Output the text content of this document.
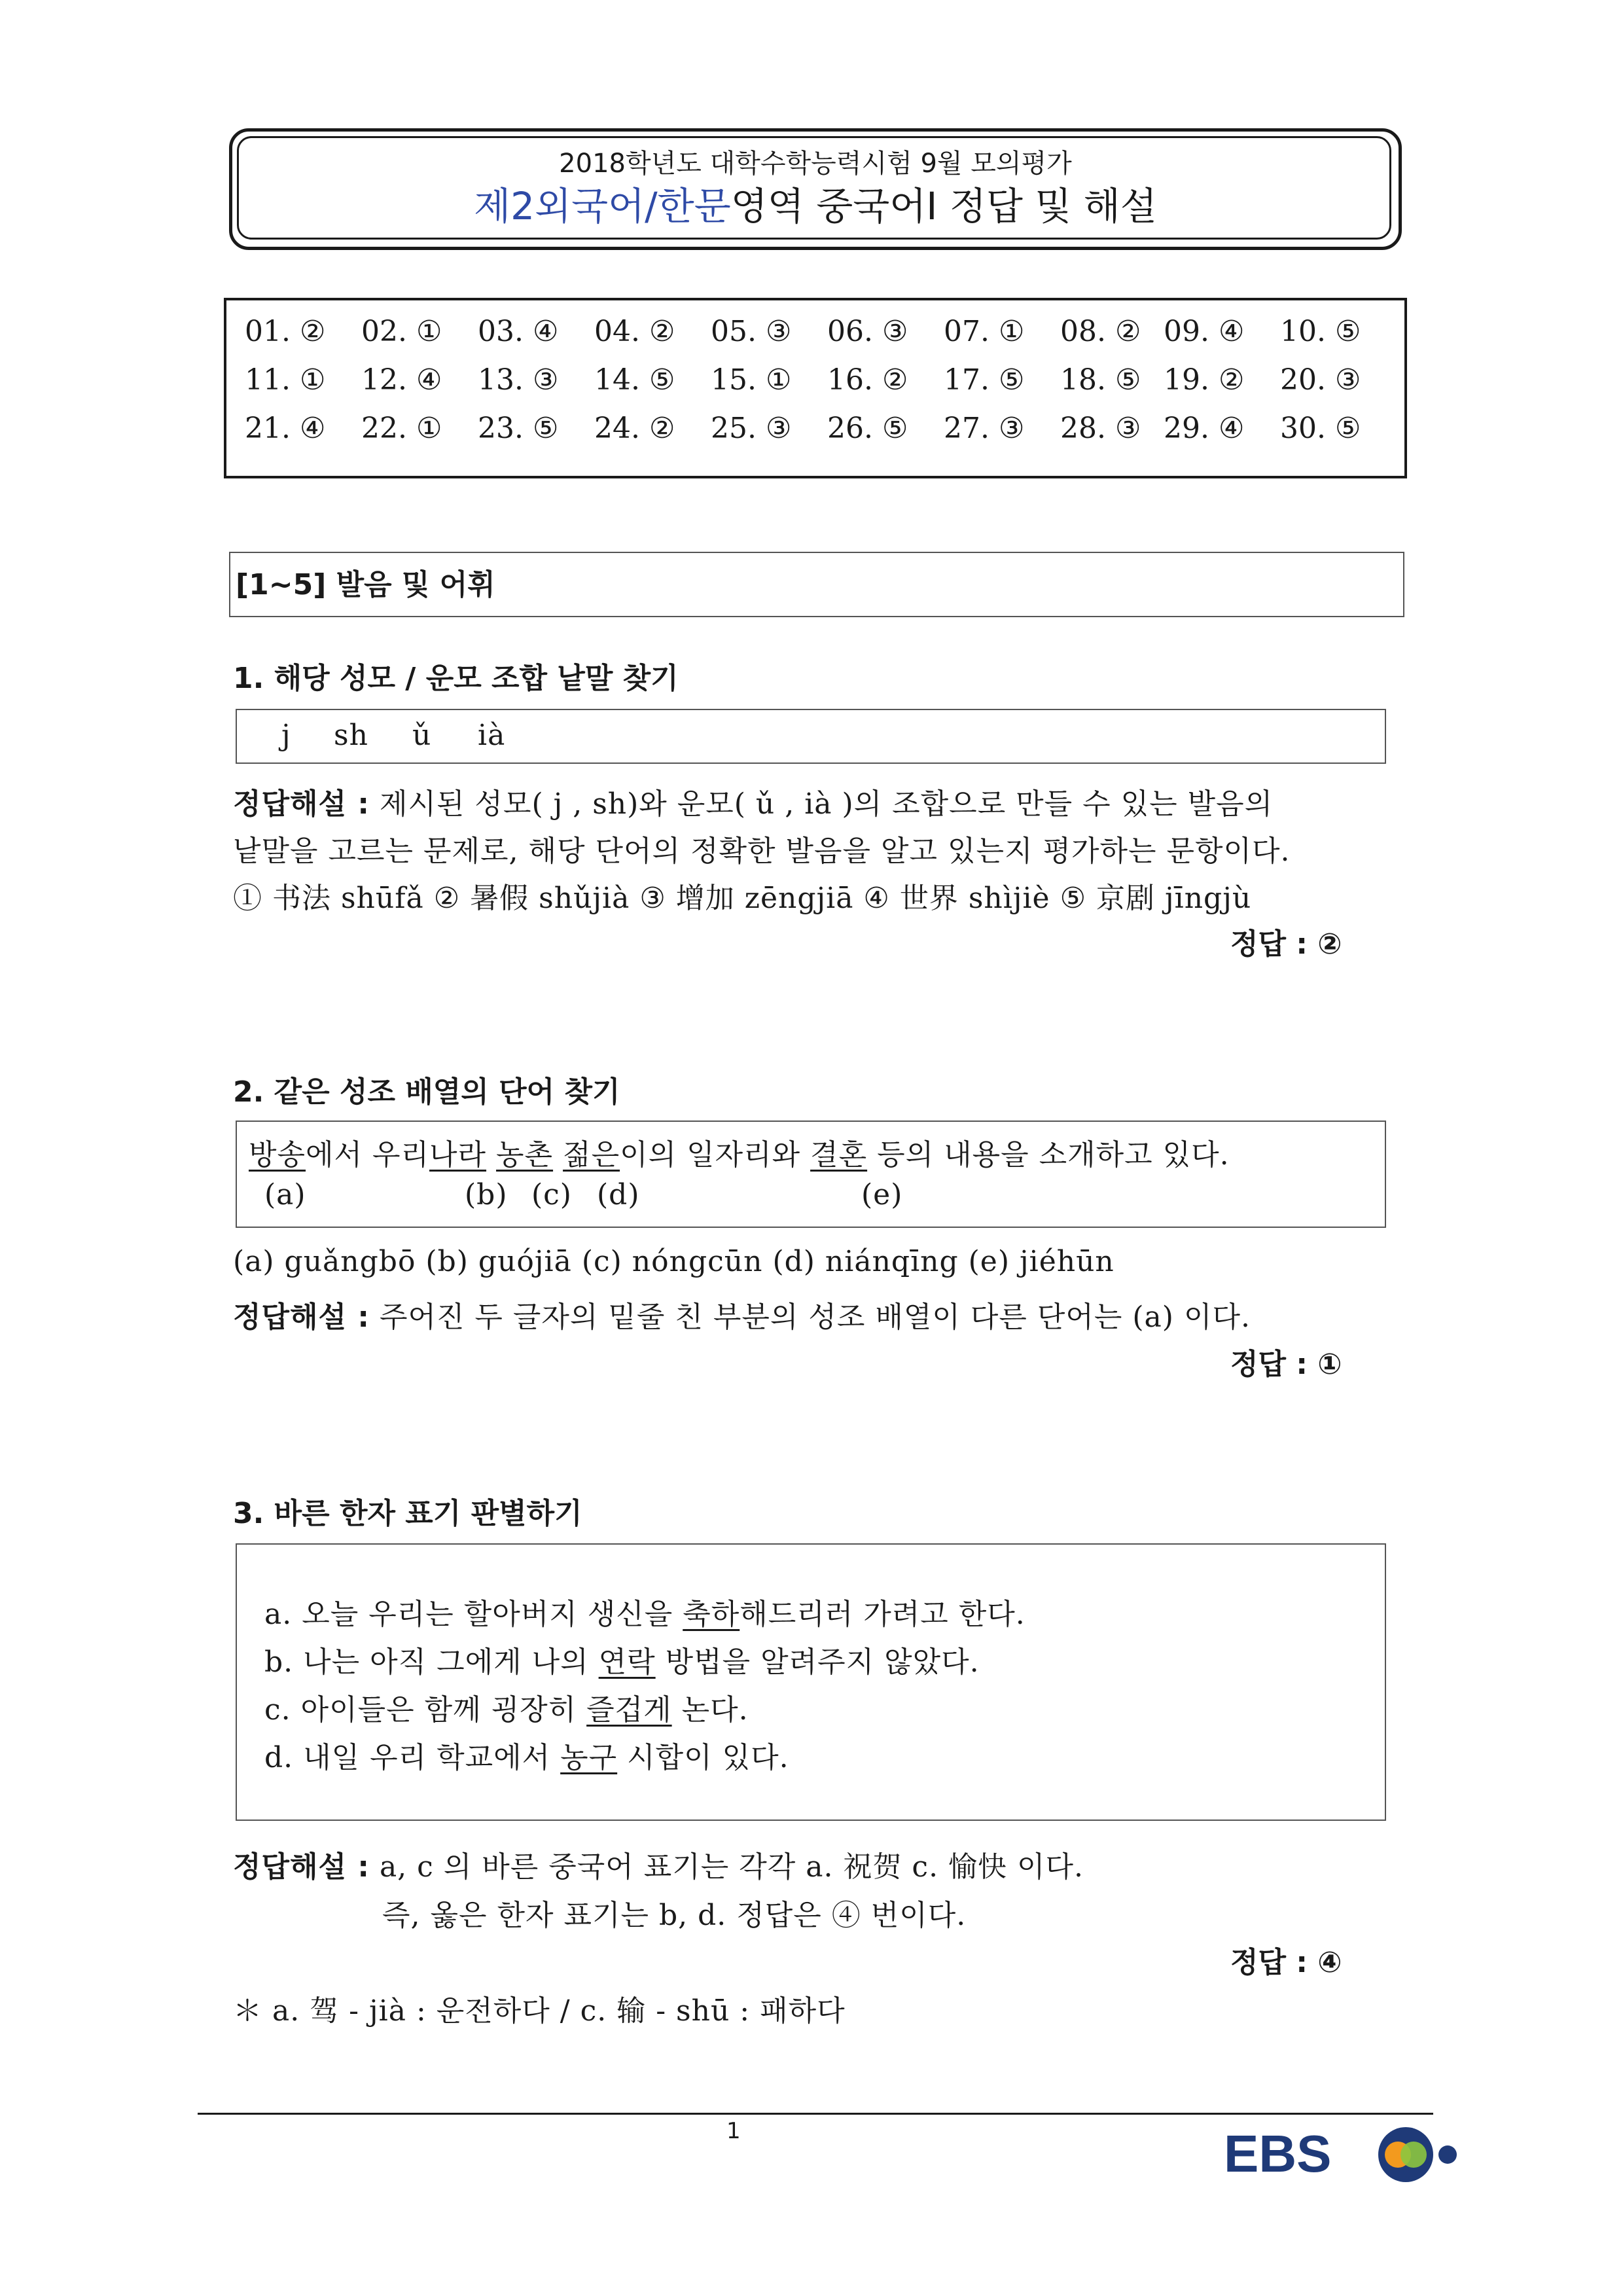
2018학년도 대학수학능력시험 9월 모의평가
제2외국어/한문영역 중국어Ⅰ 정답 및 해설
01. ② 02. ① 03. ④ 04. ② 05. ③ 06. ③ 07. ① 08. ② 09. ④ 10. ⑤
11. ① 12. ④ 13. ③ 14. ⑤ 15. ① 16. ② 17. ⑤ 18. ⑤ 19. ② 20. ③
21. ④ 22. ① 23. ⑤ 24. ② 25. ③ 26. ⑤ 27. ③ 28. ③ 29. ④ 30. ⑤
[1~5] 발음 및 어휘
1. 해당 성모 / 운모 조합 낱말 찾기
j sh ǔ ià
정답해설 : 제시된 성모( j , sh)와 운모( ǔ , ià )의 조합으로 만들 수 있는 발음의
낱말을 고르는 문제로, 해당 단어의 정확한 발음을 알고 있는지 평가하는 문항이다.
① 书法 shūfǎ ② 暑假 shǔjià ③ 增加 zēngjiā ④ 世界 shìjiè ⑤ 京剧 jīngjù
정답 : ②
2. 같은 성조 배열의 단어 찾기
방송에서 우리나라 농촌 젊은이의 일자리와 결혼 등의 내용을 소개하고 있다.
(a)	(b) (c) (d)	(e)
(a) guǎngbō (b) guójiā (c) nóngcūn (d) niánqīng (e) jiéhūn
정답해설 : 주어진 두 글자의 밑줄 친 부분의 성조 배열이 다른 단어는 (a) 이다.
정답 : ①
3. 바른 한자 표기 판별하기
a. 오늘 우리는 할아버지 생신을 축하해드리러 가려고 한다.
b. 나는 아직 그에게 나의 연락 방법을 알려주지 않았다.
c. 아이들은 함께 굉장히 즐겁게 논다.
d. 내일 우리 학교에서 농구 시합이 있다.
정답해설 : a, c 의 바른 중국어 표기는 각각 a. 祝贺 c. 愉快 이다.
즉, 옳은 한자 표기는 b, d. 정답은 ④ 번이다.
정답 : ④
＊ a. 驾 - jià : 운전하다 / c. 输 - shū : 패하다
1	EBS
